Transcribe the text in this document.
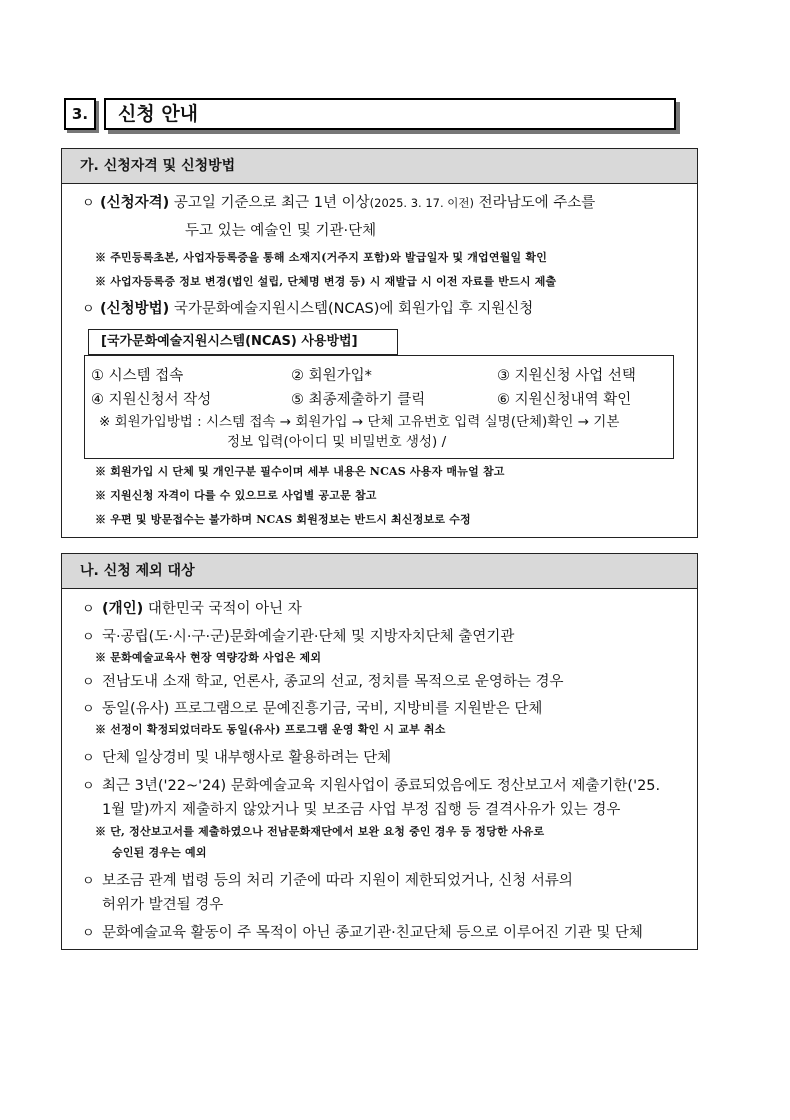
3.	신청 안내
가. 신청자격 및 신청방법
ㅇ (신청자격) 공고일 기준으로 최근 1년 이상(2025. 3. 17. 이전) 전라남도에 주소를
두고 있는 예술인 및 기관·단체
※ 주민등록초본, 사업자등록증을 통해 소재지(거주지 포함)와 발급일자 및 개업연월일 확인
※ 사업자등록증 정보 변경(법인 설립, 단체명 변경 등) 시 재발급 시 이전 자료를 반드시 제출
ㅇ (신청방법) 국가문화예술지원시스템(NCAS)에 회원가입 후 지원신청
[국가문화예술지원시스템(NCAS) 사용방법]
① 시스템 접속	② 회원가입*	③ 지원신청 사업 선택
④ 지원신청서 작성	⑤ 최종제출하기 클릭	⑥ 지원신청내역 확인
※ 회원가입방법 : 시스템 접속 → 회원가입 → 단체 고유번호 입력 실명(단체)확인 → 기본
정보 입력(아이디 및 비밀번호 생성) /
※ 회원가입 시 단체 및 개인구분 필수이며 세부 내용은 NCAS 사용자 매뉴얼 참고
※ 지원신청 자격이 다를 수 있으므로 사업별 공고문 참고
※ 우편 및 방문접수는 불가하며 NCAS 회원정보는 반드시 최신정보로 수정
나. 신청 제외 대상
ㅇ (개인) 대한민국 국적이 아닌 자
ㅇ 국·공립(도·시·구·군)문화예술기관·단체 및 지방자치단체 출연기관
※ 문화예술교육사 현장 역량강화 사업은 제외
ㅇ 전남도내 소재 학교, 언론사, 종교의 선교, 정치를 목적으로 운영하는 경우
ㅇ 동일(유사) 프로그램으로 문예진흥기금, 국비, 지방비를 지원받은 단체
※ 선정이 확정되었더라도 동일(유사) 프로그램 운영 확인 시 교부 취소
ㅇ 단체 일상경비 및 내부행사로 활용하려는 단체
ㅇ 최근 3년('22~'24) 문화예술교육 지원사업이 종료되었음에도 정산보고서 제출기한('25.
1월 말)까지 제출하지 않았거나 및 보조금 사업 부정 집행 등 결격사유가 있는 경우
※ 단, 정산보고서를 제출하였으나 전남문화재단에서 보완 요청 중인 경우 등 정당한 사유로
승인된 경우는 예외
ㅇ 보조금 관계 법령 등의 처리 기준에 따라 지원이 제한되었거나, 신청 서류의
허위가 발견될 경우
ㅇ 문화예술교육 활동이 주 목적이 아닌 종교기관·친교단체 등으로 이루어진 기관 및 단체
